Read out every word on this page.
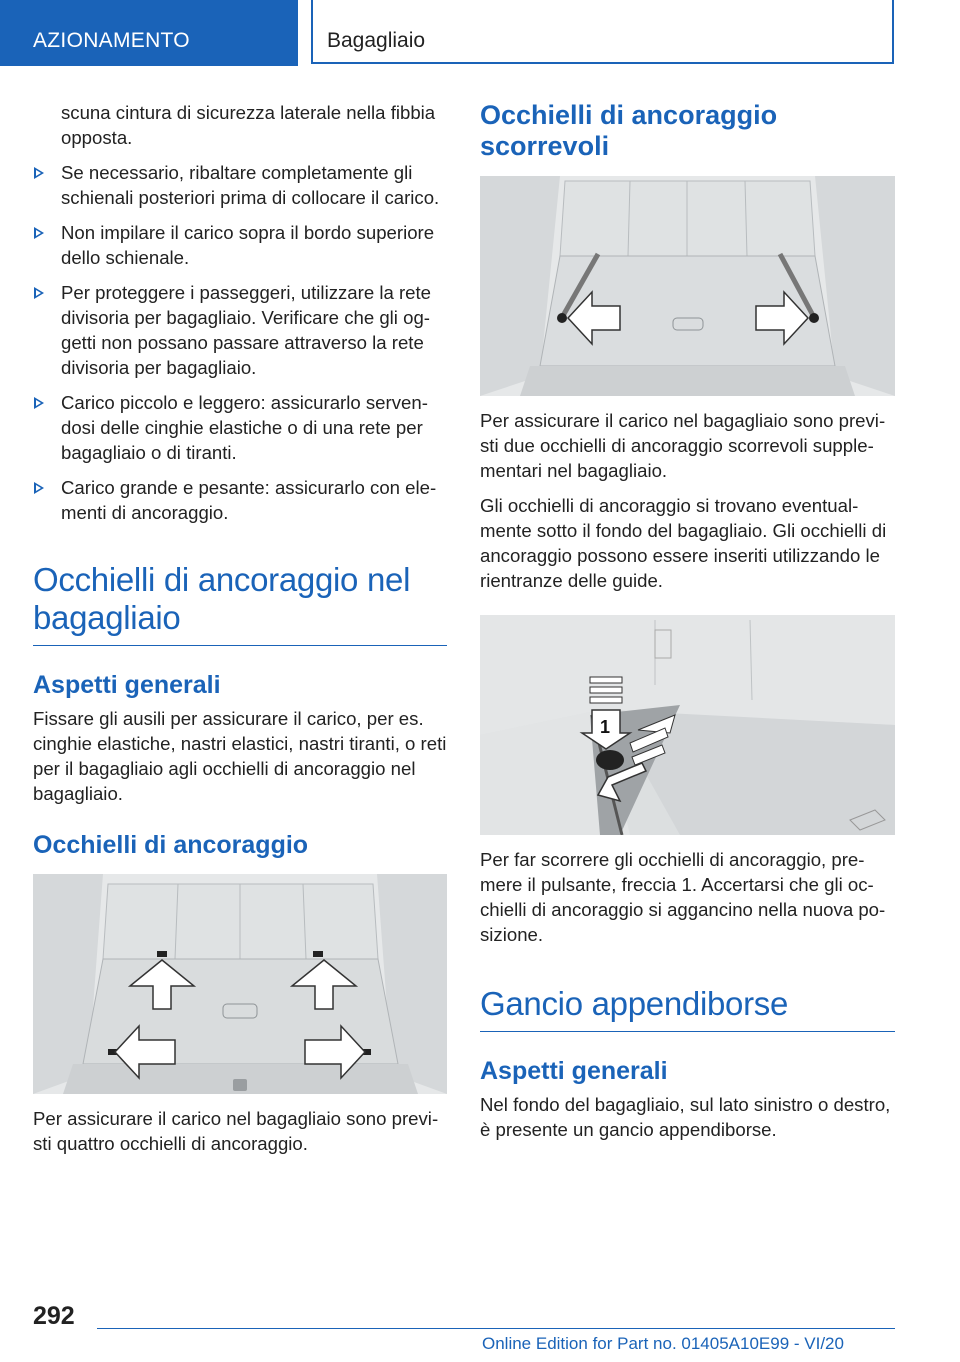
AZIONAMENTO	Bagagliaio
scuna cintura di sicurezza laterale nella fibbia opposta.
Se necessario, ribaltare completamente gli schienali posteriori prima di collocare il carico.
Non impilare il carico sopra il bordo superiore dello schienale.
Per proteggere i passeggeri, utilizzare la rete divisoria per bagagliaio. Verificare che gli oggetti non possano passare attraverso la rete divisoria per bagagliaio.
Carico piccolo e leggero: assicurarlo servendosi delle cinghie elastiche o di una rete per bagagliaio o di tiranti.
Carico grande e pesante: assicurarlo con elementi di ancoraggio.
Occhielli di ancoraggio nel bagagliaio
Aspetti generali

Fissare gli ausili per assicurare il carico, per es. cinghie elastiche, nastri elastici, nastri tiranti, o reti per il bagagliaio agli occhielli di ancoraggio nel bagagliaio.

Occhielli di ancoraggio

Per assicurare il carico nel bagagliaio sono previsti quattro occhielli di ancoraggio.

Occhielli di ancoraggio scorrevoli

Per assicurare il carico nel bagagliaio sono previsti due occhielli di ancoraggio scorrevoli supplementari nel bagagliaio.

Gli occhielli di ancoraggio si trovano eventualmente sotto il fondo del bagagliaio. Gli occhielli di ancoraggio possono essere inseriti utilizzando le rientranze delle guide.

1

Per far scorrere gli occhielli di ancoraggio, premere il pulsante, freccia 1. Accertarsi che gli occhielli di ancoraggio si aggancino nella nuova posizione.

Gancio appendiborse
Aspetti generali

Nel fondo del bagagliaio, sul lato sinistro o destro, è presente un gancio appendiborse.

292
Online Edition for Part no. 01405A10E99 - VI/20
